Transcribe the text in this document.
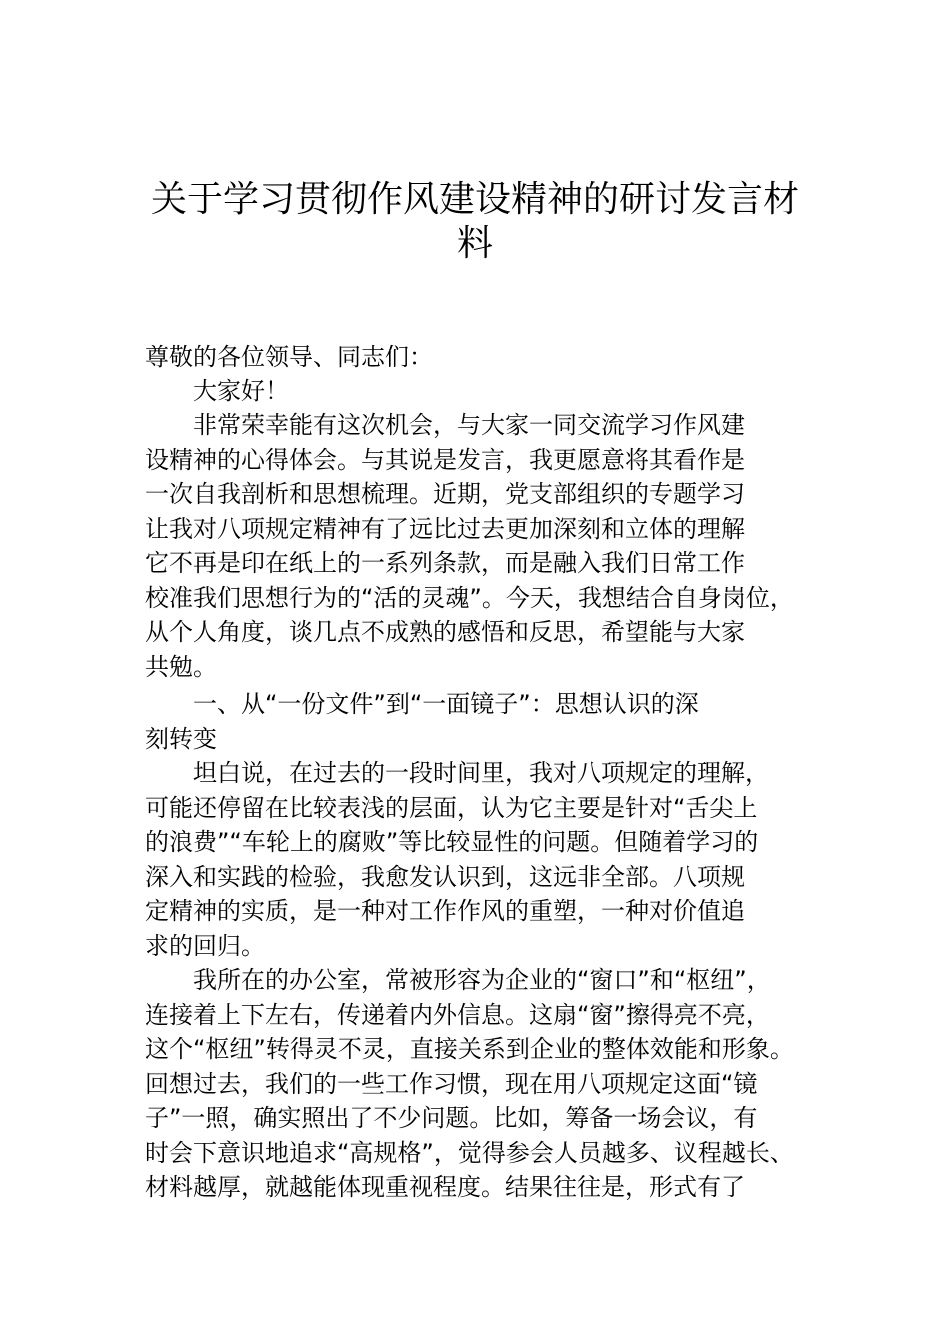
关于学习贯彻作风建设精神的研讨发言材
料

尊敬的各位领导、同志们：

　　大家好！

　　非常荣幸能有这次机会，与大家一同交流学习作风建

设精神的心得体会。与其说是发言，我更愿意将其看作是

一次自我剖析和思想梳理。近期，党支部组织的专题学习

让我对八项规定精神有了远比过去更加深刻和立体的理解

它不再是印在纸上的一系列条款，而是融入我们日常工作

校准我们思想行为的“活的灵魂”。今天，我想结合自身岗位，

从个人角度，谈几点不成熟的感悟和反思，希望能与大家

共勉。

　　一、从“一份文件”到“一面镜子”：思想认识的深

刻转变

　　坦白说，在过去的一段时间里，我对八项规定的理解，

可能还停留在比较表浅的层面，认为它主要是针对“舌尖上

的浪费”“车轮上的腐败”等比较显性的问题。但随着学习的

深入和实践的检验，我愈发认识到，这远非全部。八项规

定精神的实质，是一种对工作作风的重塑，一种对价值追

求的回归。

　　我所在的办公室，常被形容为企业的“窗口”和“枢纽”，

连接着上下左右，传递着内外信息。这扇“窗”擦得亮不亮，

这个“枢纽”转得灵不灵，直接关系到企业的整体效能和形象。

回想过去，我们的一些工作习惯，现在用八项规定这面“镜

子”一照，确实照出了不少问题。比如，筹备一场会议，有

时会下意识地追求“高规格”，觉得参会人员越多、议程越长、

材料越厚，就越能体现重视程度。结果往往是，形式有了
